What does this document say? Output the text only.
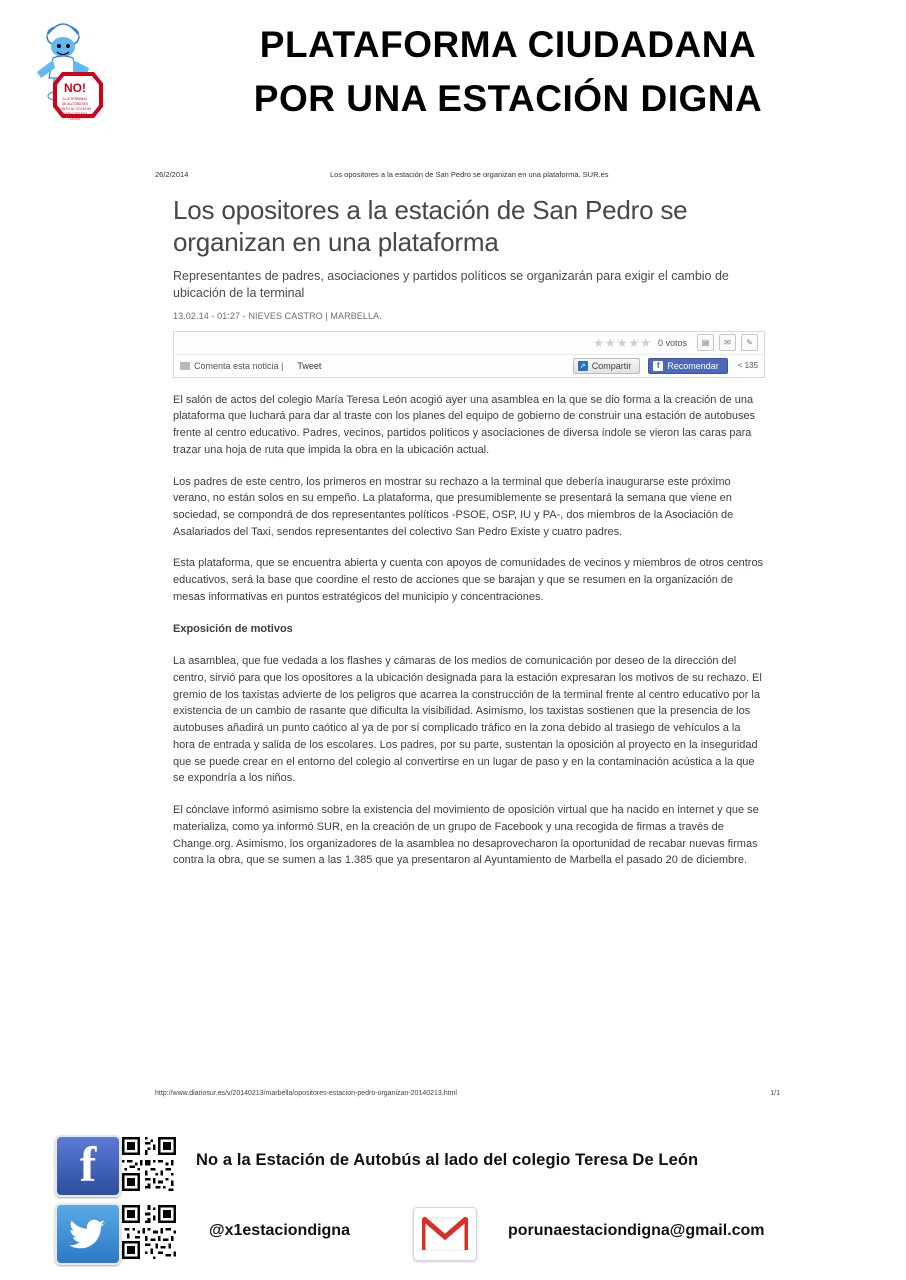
NO!
A LA TERMINAL
DE AUTOBUSES
JUNTO AL COLEGIO
MARIA TERESA
LEON
PLATAFORMA CIUDADANA
POR UNA ESTACIÓN DIGNA
26/2/2014	Los opositores a la estación de San Pedro se organizan en una plataforma. SUR.es
Los opositores a la estación de San Pedro se organizan en una plataforma

Representantes de padres, asociaciones y partidos políticos se organizarán para exigir el cambio de ubicación de la terminal

13.02.14 - 01:27 - NIEVES CASTRO | MARBELLA.

★★★★★ 0 votos	▤	✉	✎
Comenta esta noticia | Tweet	↗ Compartir	f Recomendar < 135

El salón de actos del colegio María Teresa León acogió ayer una asamblea en la que se dio forma a la creación de una plataforma que luchará para dar al traste con los planes del equipo de gobierno de construir una estación de autobuses frente al centro educativo. Padres, vecinos, partidos políticos y asociaciones de diversa índole se vieron las caras para trazar una hoja de ruta que impida la obra en la ubicación actual.

Los padres de este centro, los primeros en mostrar su rechazo a la terminal que debería inaugurarse este próximo verano, no están solos en su empeño. La plataforma, que presumiblemente se presentará la semana que viene en sociedad, se compondrá de dos representantes políticos -PSOE, OSP, IU y PA-, dos miembros de la Asociación de Asalariados del Taxi, sendos representantes del colectivo San Pedro Existe y cuatro padres.

Esta plataforma, que se encuentra abierta y cuenta con apoyos de comunidades de vecinos y miembros de otros centros educativos, será la base que coordine el resto de acciones que se barajan y que se resumen en la organización de mesas informativas en puntos estratégicos del municipio y concentraciones.

Exposición de motivos

La asamblea, que fue vedada a los flashes y cámaras de los medios de comunicación por deseo de la dirección del centro, sirvió para que los opositores a la ubicación designada para la estación expresaran los motivos de su rechazo. El gremio de los taxistas advierte de los peligros que acarrea la construcción de la terminal frente al centro educativo por la existencia de un cambio de rasante que dificulta la visibilidad. Asimismo, los taxistas sostienen que la presencia de los autobuses añadirá un punto caótico al ya de por sí complicado tráfico en la zona debido al trasiego de vehículos a la hora de entrada y salida de los escolares. Los padres, por su parte, sustentan la oposición al proyecto en la inseguridad que se puede crear en el entorno del colegio al convertirse en un lugar de paso y en la contaminación acústica a la que se expondría a los niños.

El cónclave informó asimismo sobre la existencia del movimiento de oposición virtual que ha nacido en internet y que se materializa, como ya informó SUR, en la creación de un grupo de Facebook y una recogida de firmas a través de Change.org. Asimismo, los organizadores de la asamblea no desaprovecharon la oportunidad de recabar nuevas firmas contra la obra, que se sumen a las 1.385 que ya presentaron al Ayuntamiento de Marbella el pasado 20 de diciembre.

http://www.diariosur.es/v/20140213/marbella/opositores-estacion-pedro-organizan-20140213.html	1/1
f	No a la Estación de Autobús al lado del colegio Teresa De León
@x1estaciondigna	porunaestaciondigna@gmail.com
